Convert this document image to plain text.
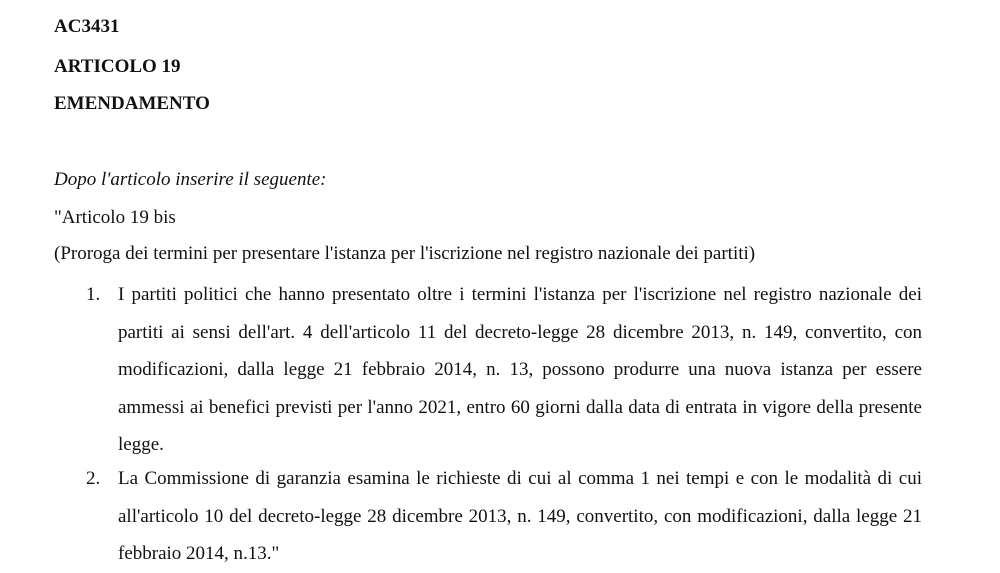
AC3431
ARTICOLO 19
EMENDAMENTO
Dopo l'articolo inserire il seguente:
"Articolo 19 bis
(Proroga dei termini per presentare l'istanza per l'iscrizione nel registro nazionale dei partiti)
1. I partiti politici che hanno presentato oltre i termini l'istanza per l'iscrizione nel registro nazionale dei partiti ai sensi dell'art. 4 dell'articolo 11 del decreto-legge 28 dicembre 2013, n. 149, convertito, con modificazioni, dalla legge 21 febbraio 2014, n. 13, possono produrre una nuova istanza per essere ammessi ai benefici previsti per l'anno 2021, entro 60 giorni dalla data di entrata in vigore della presente legge.
2. La Commissione di garanzia esamina le richieste di cui al comma 1 nei tempi e con le modalità di cui all'articolo 10 del decreto-legge 28 dicembre 2013, n. 149, convertito, con modificazioni, dalla legge 21 febbraio 2014, n.13."
